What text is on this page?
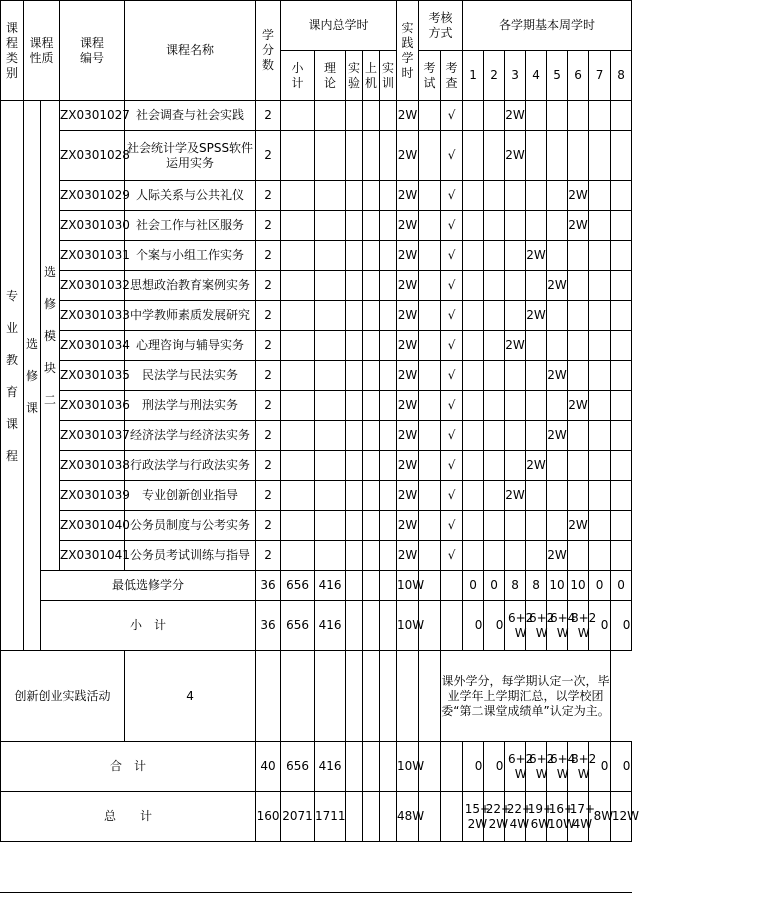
课程类别	课程性质		课程编号	课程名称	学分数	课内总学时					实践学时	考核方式		各学期基本周学时							
						小计	理论	实验	上机	实训		考试	考查	1	2	3	4	5	6	7	8
专业教育课程	选修课	选修模块二	ZX0301027	社会调查与社会实践	2						2W		√			2W					
			ZX0301028	社会统计学及SPSS软件运用实务	2						2W		√			2W					
			ZX0301029	人际关系与公共礼仪	2						2W		√						2W		
			ZX0301030	社会工作与社区服务	2						2W		√						2W		
			ZX0301031	个案与小组工作实务	2						2W		√				2W				
			ZX0301032	思想政治教育案例实务	2						2W		√					2W			
			ZX0301033	中学教师素质发展研究	2						2W		√				2W				
			ZX0301034	心理咨询与辅导实务	2						2W		√			2W					
			ZX0301035	民法学与民法实务	2						2W		√					2W			
			ZX0301036	刑法学与刑法实务	2						2W		√						2W		
			ZX0301037	经济法学与经济法实务	2						2W		√					2W			
			ZX0301038	行政法学与行政法实务	2						2W		√				2W				
			ZX0301039	专业创新创业指导	2						2W		√			2W					
			ZX0301040	公务员制度与公考实务	2						2W		√						2W		
			ZX0301041	公务员考试训练与指导	2						2W		√					2W			
		最低选修学分			36	656	416				10W			0	0	8	8	10	10	0	0
		小　计			36	656	416				10W			0	0	6+2W	6+2W	6+4W	8+2W	0	0
创新创业实践活动				4									课外学分，每学期认定一次，毕业学年上学期汇总，以学校团委“第二课堂成绩单”认定为主。								
合　计					40	656	416				10W			0	0	6+2W	6+2W	6+4W	8+2W	0	0
总　　计					160	2071	1711				48W			15+2W	22+2W	22+4W	19+6W	16+10W	17+4W	8W	12W
